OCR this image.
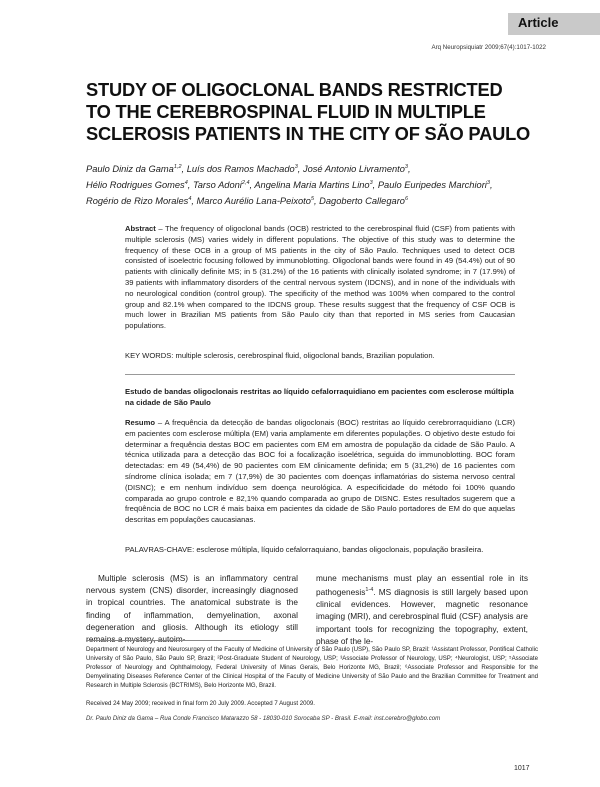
Article
Arq Neuropsiquiatr 2009;67(4):1017-1022
STUDY OF OLIGOCLONAL BANDS RESTRICTED
TO THE CEREBROSPINAL FLUID IN MULTIPLE
SCLEROSIS PATIENTS IN THE CITY OF SÃO PAULO
Paulo Diniz da Gama$^{1,2}$, Luís dos Ramos Machado$^3$, José Antonio Livramento$^3$,
Hélio Rodrigues Gomes$^4$, Tarso Adoni$^{2,4}$, Angelina Maria Martins Lino$^3$, Paulo Euripedes Marchiori$^3$,
Rogério de Rizo Morales$^4$, Marco Aurélio Lana-Peixoto$^5$, Dagoberto Callegaro$^6$
Abstract – The frequency of oligoclonal bands (OCB) restricted to the cerebrospinal fluid (CSF) from patients with multiple sclerosis (MS) varies widely in different populations. The objective of this study was to determine the frequency of these OCB in a group of MS patients in the city of São Paulo. Techniques used to detect OCB consisted of isoelectric focusing followed by immunoblotting. Oligoclonal bands were found in 49 (54.4%) out of 90 patients with clinically definite MS; in 5 (31.2%) of the 16 patients with clinically isolated syndrome; in 7 (17.9%) of 39 patients with inflammatory disorders of the central nervous system (IDCNS), and in none of the individuals with no neurological condition (control group). The specificity of the method was 100% when compared to the control group and 82.1% when compared to the IDCNS group. These results suggest that the frequency of CSF OCB is much lower in Brazilian MS patients from São Paulo city than that reported in MS series from Caucasian populations.
KEY WORDS: multiple sclerosis, cerebrospinal fluid, oligoclonal bands, Brazilian population.
Estudo de bandas oligoclonais restritas ao líquido cefalorraquidiano em pacientes com esclerose múltipla na cidade de São Paulo
Resumo – A frequência da detecção de bandas oligoclonais (BOC) restritas ao líquido cerebrorraquidiano (LCR) em pacientes com esclerose múltipla (EM) varia amplamente em diferentes populações. O objetivo deste estudo foi determinar a frequência destas BOC em pacientes com EM em amostra de população da cidade de São Paulo. A técnica utilizada para a detecção das BOC foi a focalização isoelétrica, seguida do immunoblotting. BOC foram detectadas: em 49 (54,4%) de 90 pacientes com EM clinicamente definida; em 5 (31,2%) de 16 pacientes com síndrome clínica isolada; em 7 (17,9%) de 30 pacientes com doenças inflamatórias do sistema nervoso central (DISNC); e em nenhum indivíduo sem doença neurológica. A especificidade do método foi 100% quando comparada ao grupo controle e 82,1% quando comparada ao grupo de DISNC. Estes resultados sugerem que a freqüência de BOC no LCR é mais baixa em pacientes da cidade de São Paulo portadores de EM do que aquelas descritas em populações caucasianas.
PALAVRAS-CHAVE: esclerose múltipla, líquido cefalorraquiano, bandas oligoclonais, população brasileira.
Multiple sclerosis (MS) is an inflammatory central nervous system (CNS) disorder, increasingly diagnosed in tropical countries. The anatomical substrate is the finding of inflammation, demyelination, axonal degeneration and gliosis. Although its etiology still remains a mystery, autoim-
mune mechanisms must play an essential role in its pathogenesis$^{1-4}$. MS diagnosis is still largely based upon clinical evidences. However, magnetic resonance imaging (MRI), and cerebrospinal fluid (CSF) analysis are important tools for recognizing the topography, extent, phase of the le-
Department of Neurology and Neurosurgery of the Faculty of Medicine of University of São Paulo (USP), São Paulo SP, Brazil: ¹Assistant Professor, Pontifical Catholic University of São Paulo, São Paulo SP, Brazil; ²Post-Graduate Student of Neurology, USP; ³Associate Professor of Neurology, USP; ⁴Neurologist, USP; ⁵Associate Professor of Neurology and Ophthalmology, Federal University of Minas Gerais, Belo Horizonte MG, Brazil; ⁶Associate Professor and Responsible for the Demyelinating Diseases Reference Center of the Clinical Hospital of the Faculty of Medicine University of São Paulo and the Brazilian Committee for Treatment and Research in Multiple Sclerosis (BCTRIMS), Belo Horizonte MG, Brazil.
Received 24 May 2009; received in final form 20 July 2009. Accepted 7 August 2009.
Dr. Paulo Diniz da Gama – Rua Conde Francisco Matarazzo 58 - 18030-010 Sorocaba SP - Brasil. E-mail: inst.cerebro@globo.com
1017
